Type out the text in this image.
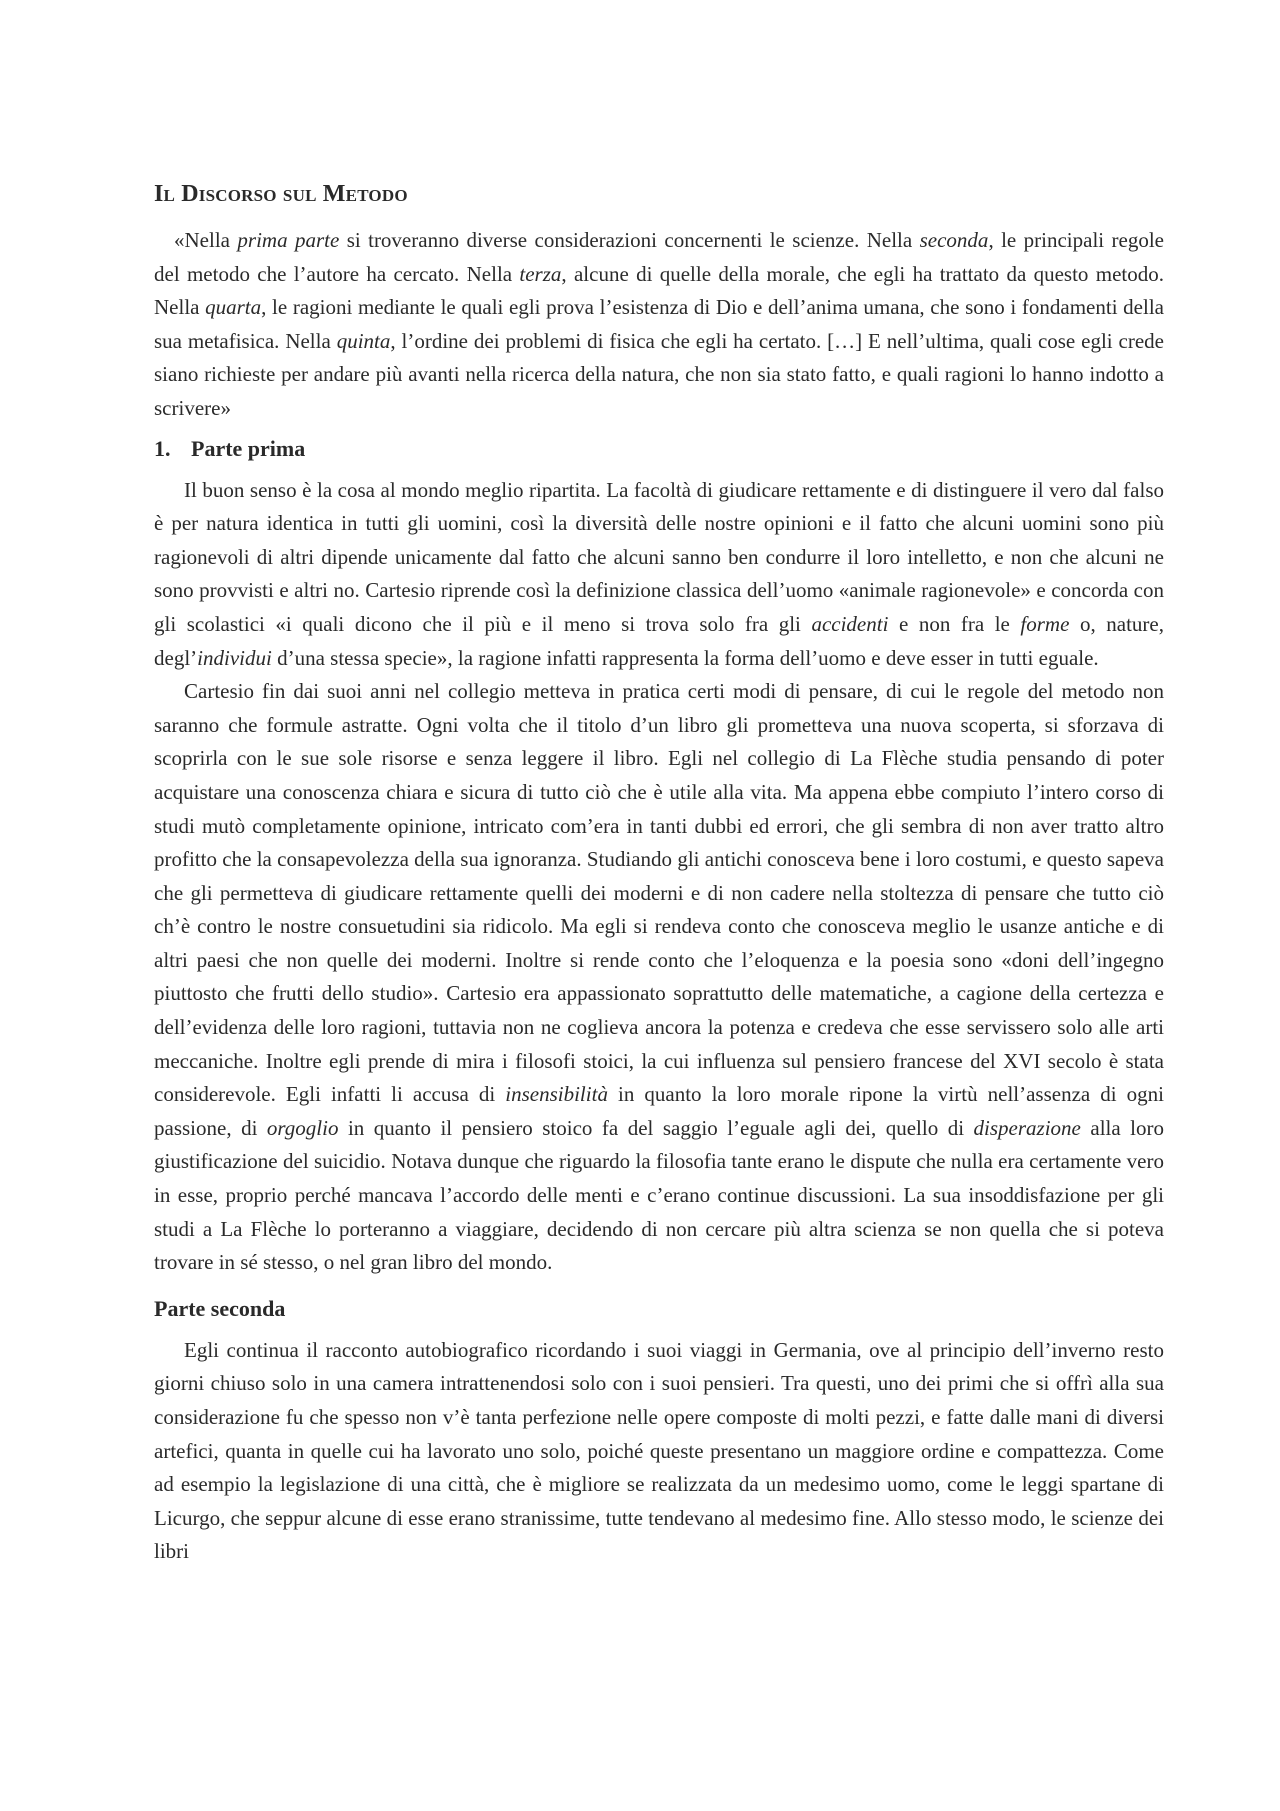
Il Discorso sul Metodo

«Nella prima parte si troveranno diverse considerazioni concernenti le scienze. Nella seconda, le principali regole del metodo che l’autore ha cercato. Nella terza, alcune di quelle della morale, che egli ha trattato da questo metodo. Nella quarta, le ragioni mediante le quali egli prova l’esistenza di Dio e dell’anima umana, che sono i fondamenti della sua metafisica. Nella quinta, l’ordine dei problemi di fisica che egli ha certato. […] E nell’ultima, quali cose egli crede siano richieste per andare più avanti nella ricerca della natura, che non sia stato fatto, e quali ragioni lo hanno indotto a scrivere»

1. Parte prima

Il buon senso è la cosa al mondo meglio ripartita. La facoltà di giudicare rettamente e di distinguere il vero dal falso è per natura identica in tutti gli uomini, così la diversità delle nostre opinioni e il fatto che alcuni uomini sono più ragionevoli di altri dipende unicamente dal fatto che alcuni sanno ben condurre il loro intelletto, e non che alcuni ne sono provvisti e altri no. Cartesio riprende così la definizione classica dell’uomo «animale ragionevole» e concorda con gli scolastici «i quali dicono che il più e il meno si trova solo fra gli accidenti e non fra le forme o, nature, degl’individui d’una stessa specie», la ragione infatti rappresenta la forma dell’uomo e deve esser in tutti eguale.

Cartesio fin dai suoi anni nel collegio metteva in pratica certi modi di pensare, di cui le regole del metodo non saranno che formule astratte. Ogni volta che il titolo d’un libro gli prometteva una nuova scoperta, si sforzava di scoprirla con le sue sole risorse e senza leggere il libro. Egli nel collegio di La Flèche studia pensando di poter acquistare una conoscenza chiara e sicura di tutto ciò che è utile alla vita. Ma appena ebbe compiuto l’intero corso di studi mutò completamente opinione, intricato com’era in tanti dubbi ed errori, che gli sembra di non aver tratto altro profitto che la consapevolezza della sua ignoranza. Studiando gli antichi conosceva bene i loro costumi, e questo sapeva che gli permetteva di giudicare rettamente quelli dei moderni e di non cadere nella stoltezza di pensare che tutto ciò ch’è contro le nostre consuetudini sia ridicolo. Ma egli si rendeva conto che conosceva meglio le usanze antiche e di altri paesi che non quelle dei moderni. Inoltre si rende conto che l’eloquenza e la poesia sono «doni dell’ingegno piuttosto che frutti dello studio». Cartesio era appassionato soprattutto delle matematiche, a cagione della certezza e dell’evidenza delle loro ragioni, tuttavia non ne coglieva ancora la potenza e credeva che esse servissero solo alle arti meccaniche. Inoltre egli prende di mira i filosofi stoici, la cui influenza sul pensiero francese del XVI secolo è stata considerevole. Egli infatti li accusa di insensibilità in quanto la loro morale ripone la virtù nell’assenza di ogni passione, di orgoglio in quanto il pensiero stoico fa del saggio l’eguale agli dei, quello di disperazione alla loro giustificazione del suicidio. Notava dunque che riguardo la filosofia tante erano le dispute che nulla era certamente vero in esse, proprio perché mancava l’accordo delle menti e c’erano continue discussioni. La sua insoddisfazione per gli studi a La Flèche lo porteranno a viaggiare, decidendo di non cercare più altra scienza se non quella che si poteva trovare in sé stesso, o nel gran libro del mondo.

Parte seconda

Egli continua il racconto autobiografico ricordando i suoi viaggi in Germania, ove al principio dell’inverno resto giorni chiuso solo in una camera intrattenendosi solo con i suoi pensieri. Tra questi, uno dei primi che si offrì alla sua considerazione fu che spesso non v’è tanta perfezione nelle opere composte di molti pezzi, e fatte dalle mani di diversi artefici, quanta in quelle cui ha lavorato uno solo, poiché queste presentano un maggiore ordine e compattezza. Come ad esempio la legislazione di una città, che è migliore se realizzata da un medesimo uomo, come le leggi spartane di Licurgo, che seppur alcune di esse erano stranissime, tutte tendevano al medesimo fine. Allo stesso modo, le scienze dei libri
